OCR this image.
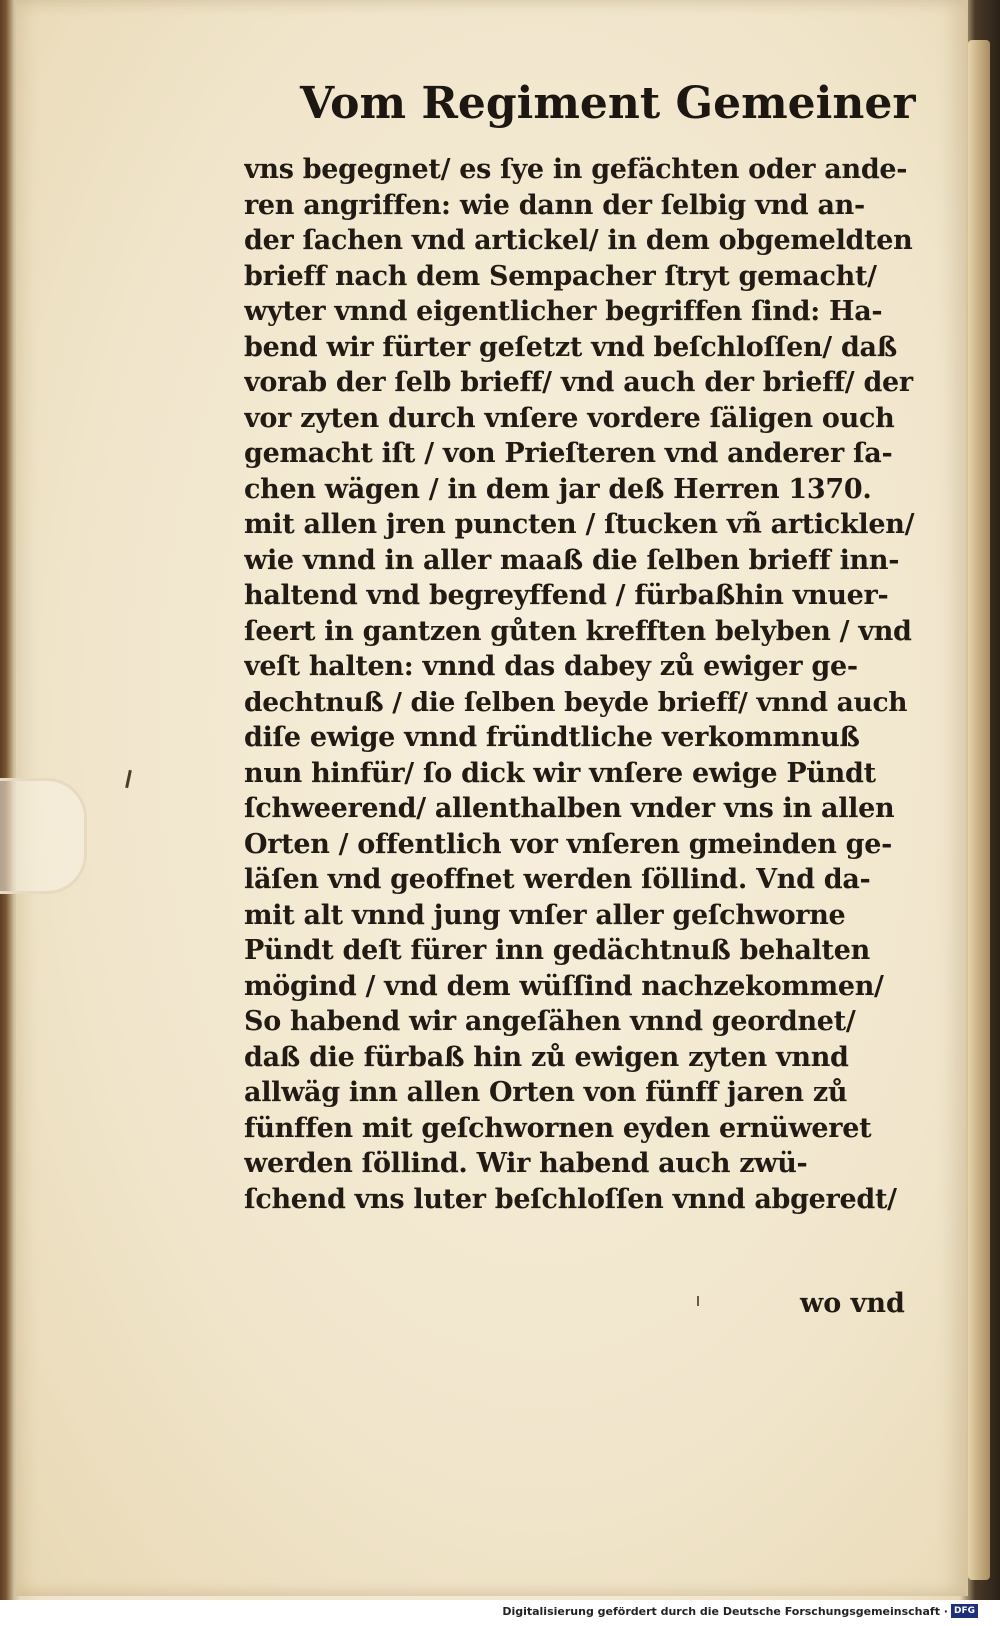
Vom Regiment Gemeiner
vns begegnet/ es ſye in gefächten oder ande-
ren angriffen: wie dann der ſelbig vnd an-
der ſachen vnd artickel/ in dem obgemeldten
brieff nach dem Sempacher ſtryt gemacht/
wyter vnnd eigentlicher begriffen ſind: Ha-
bend wir fürter geſetzt vnd beſchloſſen/ daß
vorab der ſelb brieff/ vnd auch der brieff/ der
vor zyten durch vnſere vordere ſäligen ouch
gemacht iſt / von Prieſteren vnd anderer ſa-
chen wägen / in dem jar deß Herren 1370.
mit allen jren puncten / ſtucken vñ articklen/
wie vnnd in aller maaß die ſelben brieff inn-
haltend vnd begreyffend / fürbaßhin vnuer-
ſeert in gantzen gůten krefften belyben / vnd
veſt halten: vnnd das dabey zů ewiger ge-
dechtnuß / die ſelben beyde brieff/ vnnd auch
diſe ewige vnnd fründtliche verkommnuß
nun hinfür/ ſo dick wir vnſere ewige Pündt
ſchweerend/ allenthalben vnder vns in allen
Orten / offentlich vor vnſeren gmeinden ge-
läſen vnd geoffnet werden ſöllind. Vnd da-
mit alt vnnd jung vnſer aller geſchworne
Pündt deſt fürer inn gedächtnuß behalten
mögind / vnd dem wüſſind nachzekommen/
So habend wir angeſähen vnnd geordnet/
daß die fürbaß hin zů ewigen zyten vnnd
allwäg inn allen Orten von fünff jaren zů
fünffen mit geſchwornen eyden ernüweret
werden ſöllind. Wir habend auch zwü-
ſchend vns luter beſchloſſen vnnd abgeredt/
wo vnd
Digitalisierung gefördert durch die Deutsche Forschungsgemeinschaft · DFG
